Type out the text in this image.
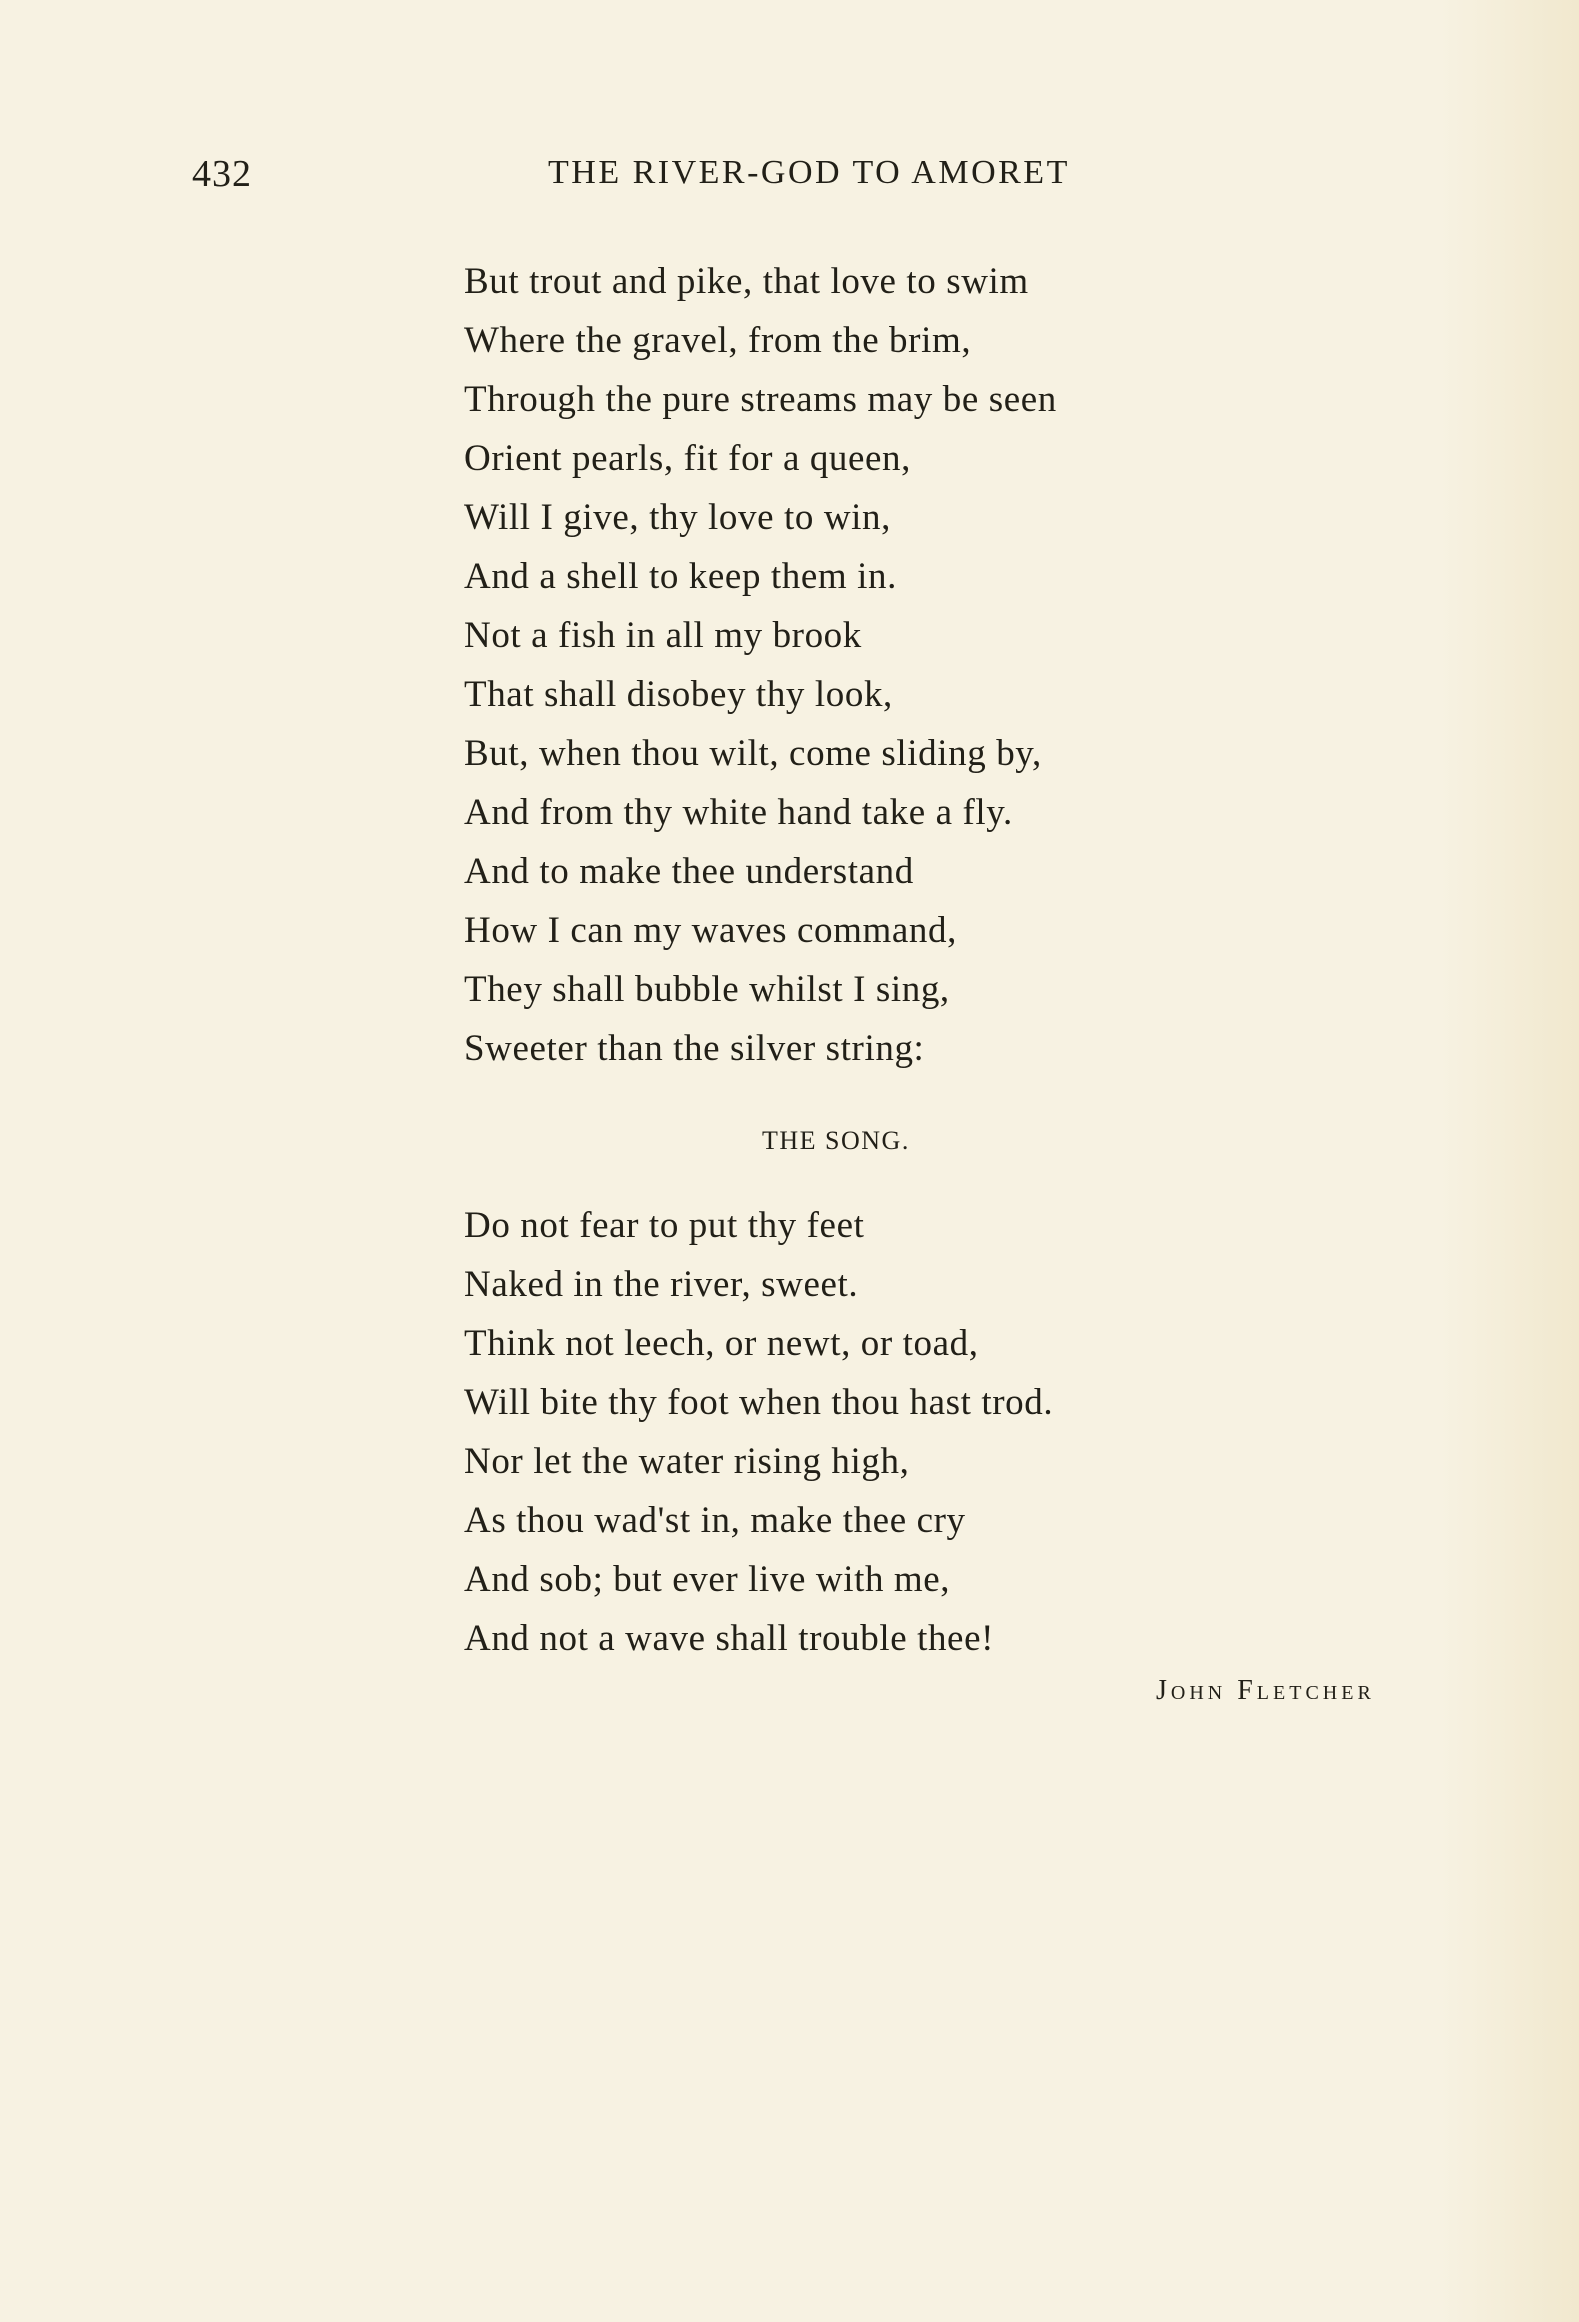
432	THE RIVER-GOD TO AMORET
But trout and pike, that love to swim
Where the gravel, from the brim,
Through the pure streams may be seen
Orient pearls, fit for a queen,
Will I give, thy love to win,
And a shell to keep them in.
Not a fish in all my brook
That shall disobey thy look,
But, when thou wilt, come sliding by,
And from thy white hand take a fly.
And to make thee understand
How I can my waves command,
They shall bubble whilst I sing,
Sweeter than the silver string:
THE SONG.
Do not fear to put thy feet
Naked in the river, sweet.
Think not leech, or newt, or toad,
Will bite thy foot when thou hast trod.
Nor let the water rising high,
As thou wad'st in, make thee cry
And sob; but ever live with me,
And not a wave shall trouble thee!
John Fletcher
